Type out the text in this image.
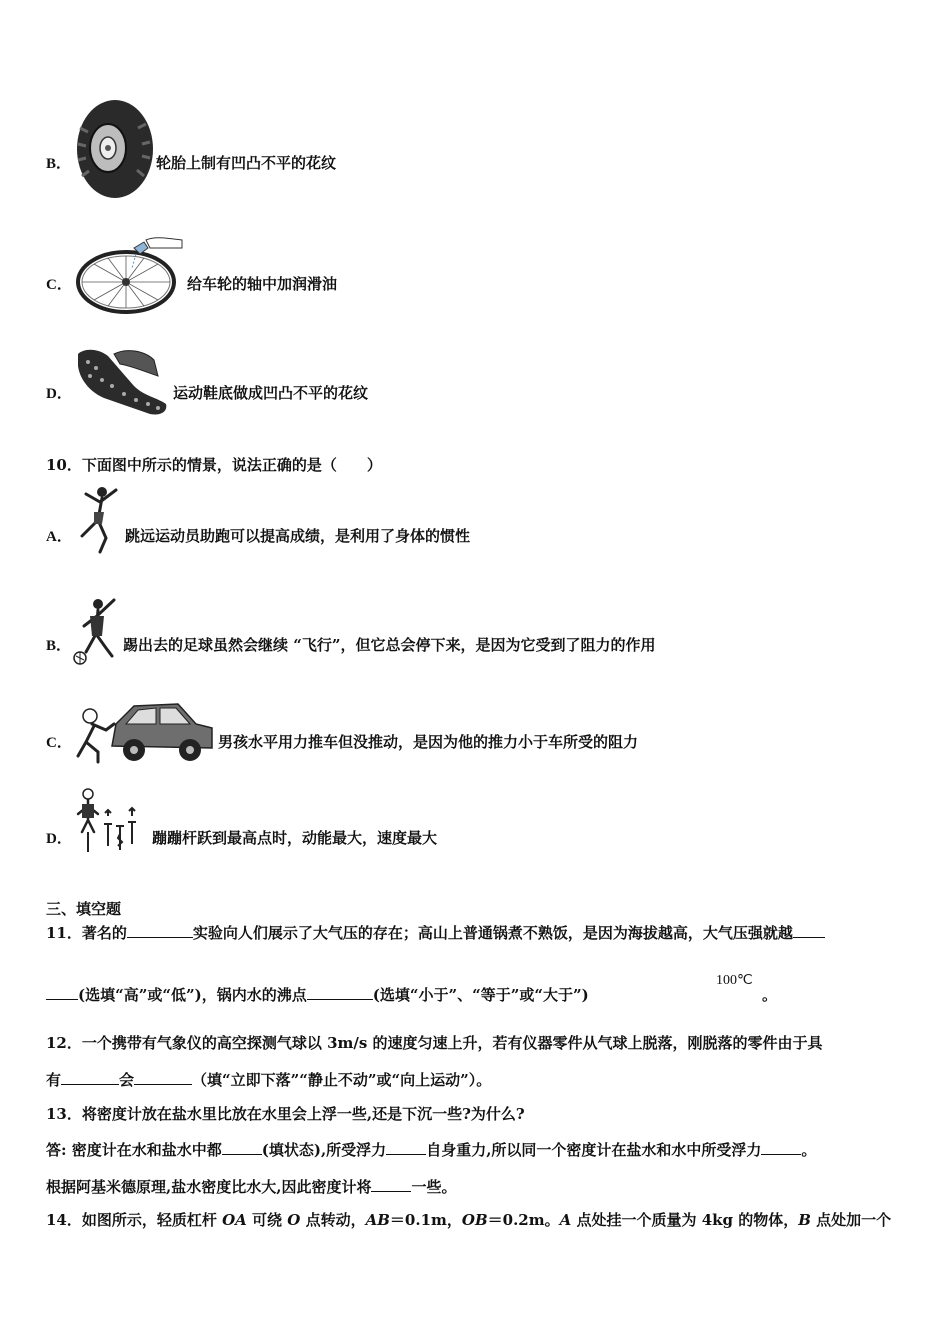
B．	轮胎上制有凹凸不平的花纹
C．	给车轮的轴中加润滑油
D．	运动鞋底做成凹凸不平的花纹
10．下面图中所示的情景，说法正确的是（　　）
A．	跳远运动员助跑可以提高成绩，是利用了身体的惯性
B．	踢出去的足球虽然会继续 “飞行”，但它总会停下来，是因为它受到了阻力的作用
C．	男孩水平用力推车但没推动，是因为他的推力小于车所受的阻力
D．	蹦蹦杆跃到最高点时，动能最大，速度最大
三、填空题
11．著名的	实验向人们展示了大气压的存在；高山上普通锅煮不熟饭，是因为海拔越高，大气压强就越
(选填“高”或“低”)，锅内水的沸点	(选填“小于”、“等于”或“大于”)
100℃
。
12．一个携带有气象仪的高空探测气球以 3m/s 的速度匀速上升，若有仪器零件从气球上脱落，刚脱落的零件由于具
有	会	（填“立即下落”“静止不动”或“向上运动”）。
13．将密度计放在盐水里比放在水里会上浮一些,还是下沉一些?为什么?
答: 密度计在水和盐水中都	(填状态),所受浮力	自身重力,所以同一个密度计在盐水和水中所受浮力	。
根据阿基米德原理,盐水密度比水大,因此密度计将	一些。
14．如图所示，轻质杠杆 OA 可绕 O 点转动，AB＝0.1m，OB＝0.2m。A 点处挂一个质量为 4kg 的物体，B 点处加一个
